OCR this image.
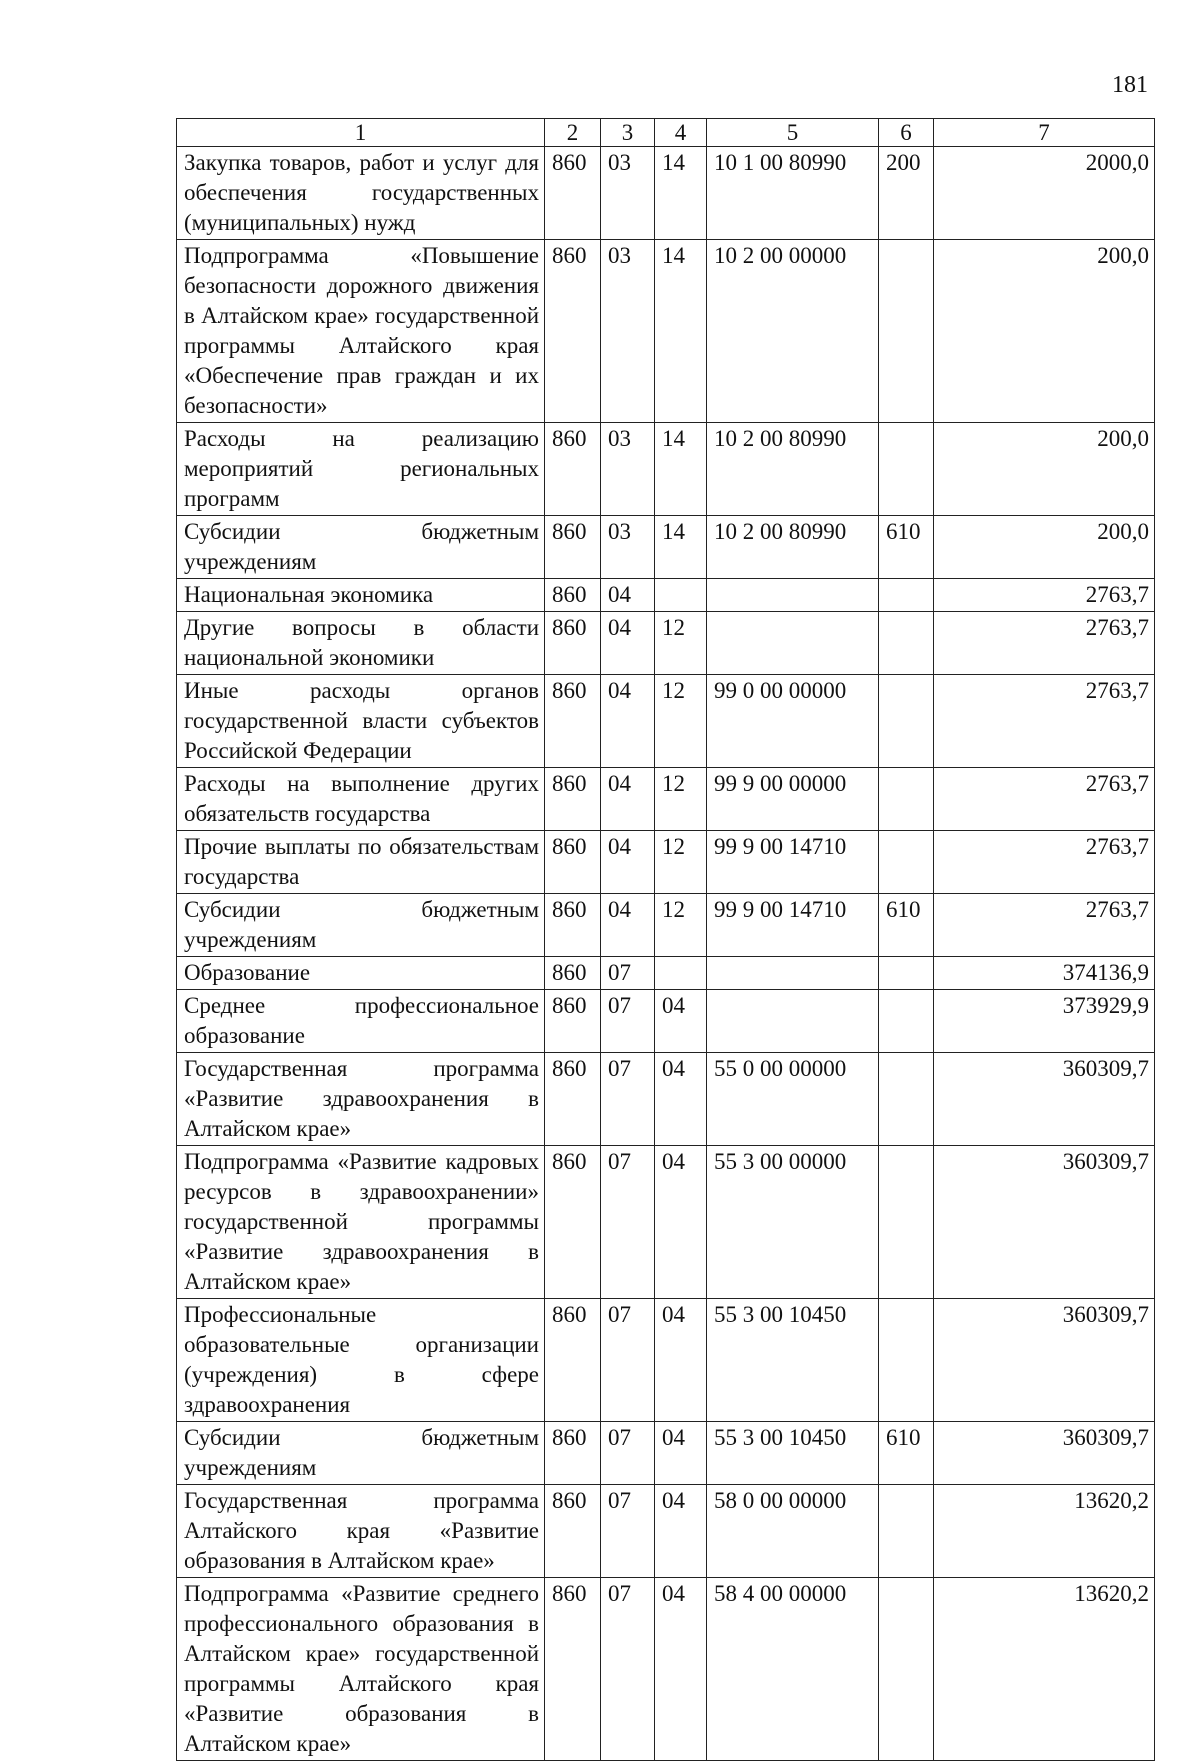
181
1	2	3	4	5	6	7
Закупка товаров, работ и услуг для обеспечения государственных (муниципальных) нужд	860	03	14	10 1 00 80990	200	2000,0
Подпрограмма «Повышение безопасности дорожного движения в Алтайском крае» государственной программы Алтайского края «Обеспечение прав граждан и их безопасности»	860	03	14	10 2 00 00000		200,0
Расходы на реализацию мероприятий региональных программ	860	03	14	10 2 00 80990		200,0
Субсидии бюджетным учреждениям	860	03	14	10 2 00 80990	610	200,0
Национальная экономика	860	04				2763,7
Другие вопросы в области национальной экономики	860	04	12			2763,7
Иные расходы органов государственной власти субъектов Российской Федерации	860	04	12	99 0 00 00000		2763,7
Расходы на выполнение других обязательств государства	860	04	12	99 9 00 00000		2763,7
Прочие выплаты по обязательствам государства	860	04	12	99 9 00 14710		2763,7
Субсидии бюджетным учреждениям	860	04	12	99 9 00 14710	610	2763,7
Образование	860	07				374136,9
Среднее профессиональное образование	860	07	04			373929,9
Государственная программа «Развитие здравоохранения в Алтайском крае»	860	07	04	55 0 00 00000		360309,7
Подпрограмма «Развитие кадровых ресурсов в здравоохранении» государственной программы «Развитие здравоохранения в Алтайском крае»	860	07	04	55 3 00 00000		360309,7
Профессиональные образовательные организации (учреждения) в сфере здравоохранения	860	07	04	55 3 00 10450		360309,7
Субсидии бюджетным учреждениям	860	07	04	55 3 00 10450	610	360309,7
Государственная программа Алтайского края «Развитие образования в Алтайском крае»	860	07	04	58 0 00 00000		13620,2
Подпрограмма «Развитие среднего профессионального образования в Алтайском крае» государственной программы Алтайского края «Развитие образования в Алтайском крае»	860	07	04	58 4 00 00000		13620,2
